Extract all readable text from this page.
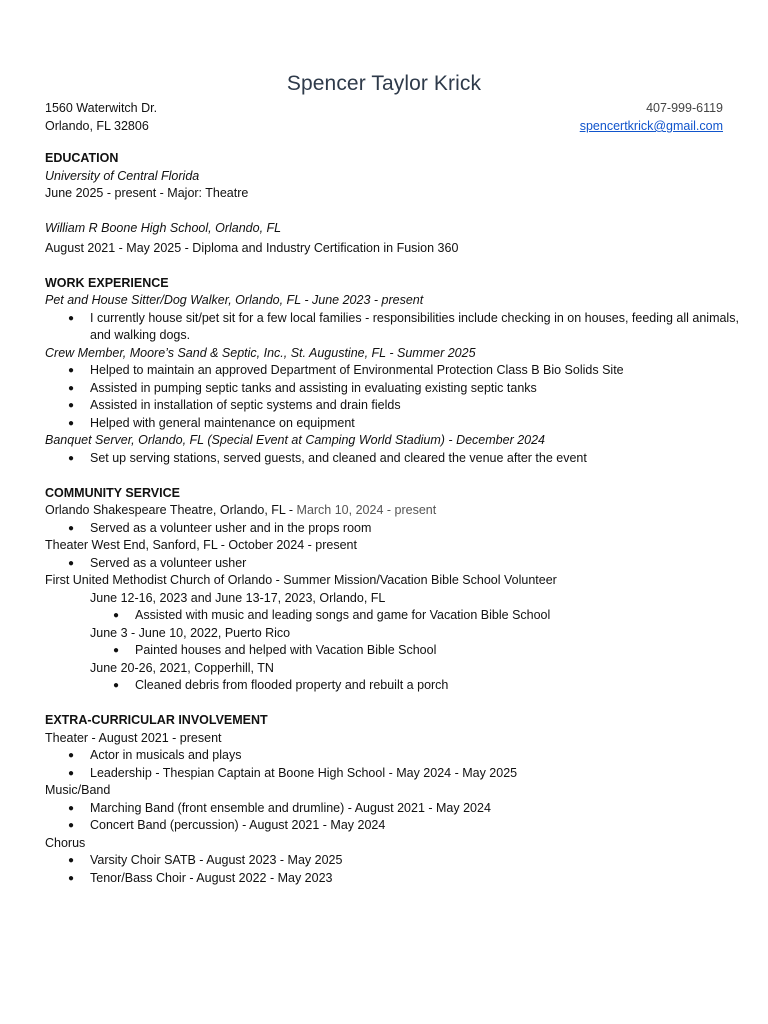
Spencer Taylor Krick
1560 Waterwitch Dr.	407-999-6119
Orlando, FL 32806	spencertkrick@gmail.com
EDUCATION
University of Central Florida
June 2025 - present - Major: Theatre
William R Boone High School, Orlando, FL
August 2021 - May 2025 - Diploma and Industry Certification in Fusion 360
WORK EXPERIENCE
Pet and House Sitter/Dog Walker, Orlando, FL - June 2023 - present
● I currently house sit/pet sit for a few local families - responsibilities include checking in on houses, feeding all animals, and walking dogs.
Crew Member, Moore’s Sand & Septic, Inc., St. Augustine, FL - Summer 2025
● Helped to maintain an approved Department of Environmental Protection Class B Bio Solids Site
● Assisted in pumping septic tanks and assisting in evaluating existing septic tanks
● Assisted in installation of septic systems and drain fields
● Helped with general maintenance on equipment
Banquet Server, Orlando, FL (Special Event at Camping World Stadium) - December 2024
● Set up serving stations, served guests, and cleaned and cleared the venue after the event
COMMUNITY SERVICE
Orlando Shakespeare Theatre, Orlando, FL - March 10, 2024 - present
● Served as a volunteer usher and in the props room
Theater West End, Sanford, FL - October 2024 - present
● Served as a volunteer usher
First United Methodist Church of Orlando - Summer Mission/Vacation Bible School Volunteer
June 12-16, 2023 and June 13-17, 2023, Orlando, FL
● Assisted with music and leading songs and game for Vacation Bible School
June 3 - June 10, 2022, Puerto Rico
● Painted houses and helped with Vacation Bible School
June 20-26, 2021, Copperhill, TN
● Cleaned debris from flooded property and rebuilt a porch
EXTRA-CURRICULAR INVOLVEMENT
Theater - August 2021 - present
● Actor in musicals and plays
● Leadership - Thespian Captain at Boone High School - May 2024 - May 2025
Music/Band
● Marching Band (front ensemble and drumline) - August 2021 - May 2024
● Concert Band (percussion) - August 2021 - May 2024
Chorus
● Varsity Choir SATB - August 2023 - May 2025
● Tenor/Bass Choir - August 2022 - May 2023
